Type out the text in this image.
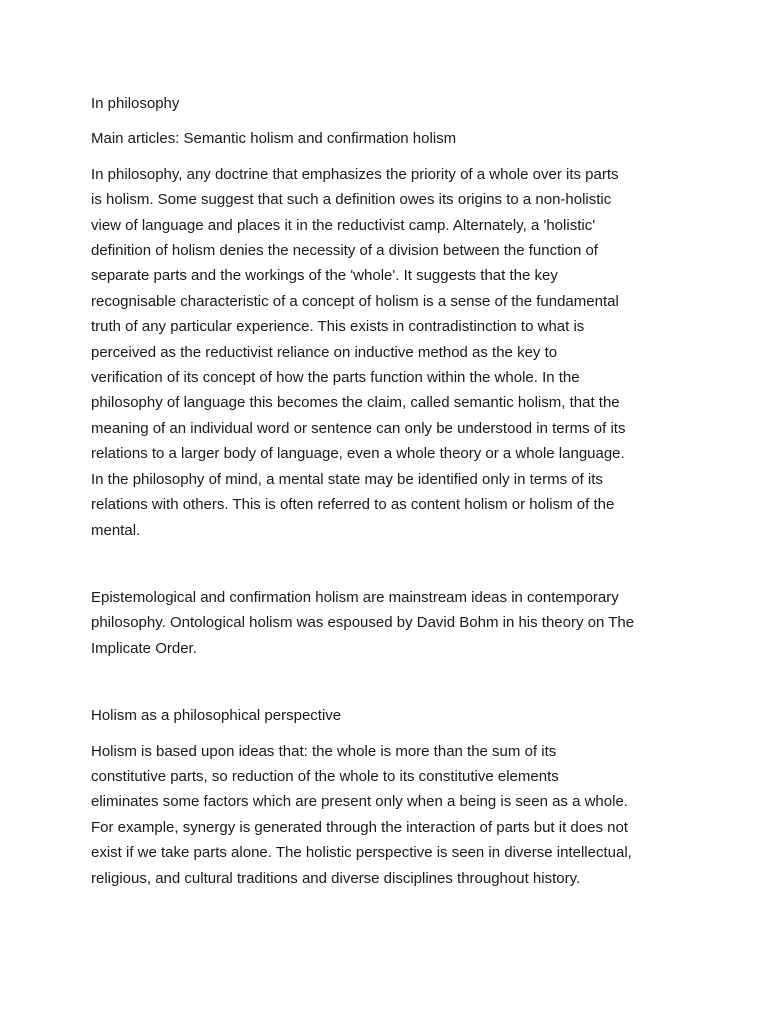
In philosophy

Main articles: Semantic holism and confirmation holism

In philosophy, any doctrine that emphasizes the priority of a whole over its parts

is holism. Some suggest that such a definition owes its origins to a non-holistic

view of language and places it in the reductivist camp. Alternately, a 'holistic'

definition of holism denies the necessity of a division between the function of

separate parts and the workings of the 'whole'. It suggests that the key

recognisable characteristic of a concept of holism is a sense of the fundamental

truth of any particular experience. This exists in contradistinction to what is

perceived as the reductivist reliance on inductive method as the key to

verification of its concept of how the parts function within the whole. In the

philosophy of language this becomes the claim, called semantic holism, that the

meaning of an individual word or sentence can only be understood in terms of its

relations to a larger body of language, even a whole theory or a whole language.

In the philosophy of mind, a mental state may be identified only in terms of its

relations with others. This is often referred to as content holism or holism of the

mental.

Epistemological and confirmation holism are mainstream ideas in contemporary

philosophy. Ontological holism was espoused by David Bohm in his theory on The

Implicate Order.

Holism as a philosophical perspective

Holism is based upon ideas that: the whole is more than the sum of its

constitutive parts, so reduction of the whole to its constitutive elements

eliminates some factors which are present only when a being is seen as a whole.

For example, synergy is generated through the interaction of parts but it does not

exist if we take parts alone. The holistic perspective is seen in diverse intellectual,

religious, and cultural traditions and diverse disciplines throughout history.
